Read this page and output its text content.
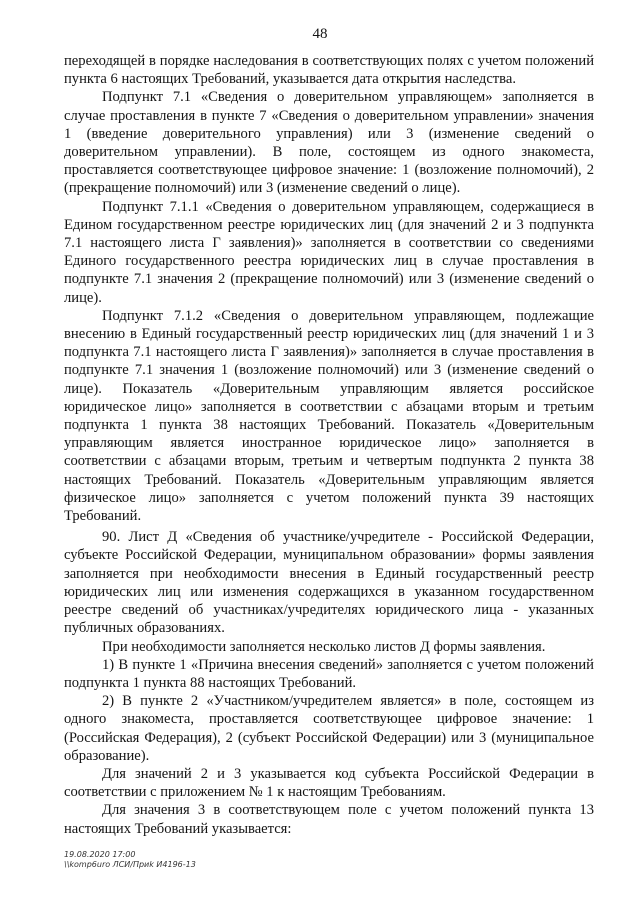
48

переходящей в порядке наследования в соответствующих полях с учетом положений пункта 6 настоящих Требований, указывается дата открытия наследства.

Подпункт 7.1 «Сведения о доверительном управляющем» заполняется в случае проставления в пункте 7 «Сведения о доверительном управлении» значения 1 (введение доверительного управления) или 3 (изменение сведений о доверительном управлении). В поле, состоящем из одного знакоместа, проставляется соответствующее цифровое значение: 1 (возложение полномочий), 2 (прекращение полномочий) или 3 (изменение сведений о лице).

Подпункт 7.1.1 «Сведения о доверительном управляющем, содержащиеся в Едином государственном реестре юридических лиц (для значений 2 и 3 подпункта 7.1 настоящего листа Г заявления)» заполняется в соответствии со сведениями Единого государственного реестра юридических лиц в случае проставления в подпункте 7.1 значения 2 (прекращение полномочий) или 3 (изменение сведений о лице).

Подпункт 7.1.2 «Сведения о доверительном управляющем, подлежащие внесению в Единый государственный реестр юридических лиц (для значений 1 и 3 подпункта 7.1 настоящего листа Г заявления)» заполняется в случае проставления в подпункте 7.1 значения 1 (возложение полномочий) или 3 (изменение сведений о лице). Показатель «Доверительным управляющим является российское юридическое лицо» заполняется в соответствии с абзацами вторым и третьим подпункта 1 пункта 38 настоящих Требований. Показатель «Доверительным управляющим является иностранное юридическое лицо» заполняется в соответствии с абзацами вторым, третьим и четвертым подпункта 2 пункта 38 настоящих Требований. Показатель «Доверительным управляющим является физическое лицо» заполняется с учетом положений пункта 39 настоящих Требований.

90. Лист Д «Сведения об участнике/учредителе - Российской Федерации, субъекте Российской Федерации, муниципальном образовании» формы заявления заполняется при необходимости внесения в Единый государственный реестр юридических лиц или изменения содержащихся в указанном государственном реестре сведений об участниках/учредителях юридического лица - указанных публичных образованиях.

При необходимости заполняется несколько листов Д формы заявления.

1) В пункте 1 «Причина внесения сведений» заполняется с учетом положений подпункта 1 пункта 88 настоящих Требований.

2) В пункте 2 «Участником/учредителем является» в поле, состоящем из одного знакоместа, проставляется соответствующее цифровое значение: 1 (Российская Федерация), 2 (субъект Российской Федерации) или 3 (муниципальное образование).

Для значений 2 и 3 указывается код субъекта Российской Федерации в соответствии с приложением № 1 к настоящим Требованиям.

Для значения 3 в соответствующем поле с учетом положений пункта 13 настоящих Требований указывается:

19.08.2020 17:00
\\komp6uro ЛСИ/Приk И4196-13
